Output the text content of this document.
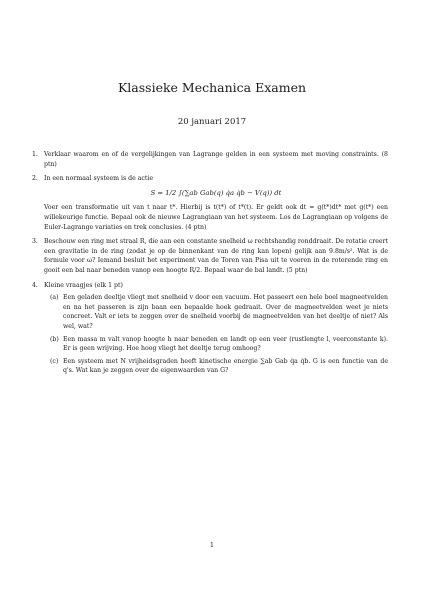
Klassieke Mechanica Examen
20 januari 2017
1. Verklaar waarom en of de vergelijkingen van Lagrange gelden in een systeem met moving constraints. (8 ptn)
2. In een normaal systeem is de actie
S = 1/2 ∫(∑ab Gab(q) q̇a q̇b − V(q)) dt
Voer een transformatie uit van t naar t*. Hierbij is t(t*) of t*(t). Er geldt ook dt = g(t*)dt* met g(t*) een willekeurige functie. Bepaal ook de nieuwe Lagrangiaan van het systeem. Los de Lagrangiaan op volgens de Euler-Lagrange variaties en trek conclusies. (4 ptn)
3. Beschouw een ring met straal R, die aan een constante snelheid ω rechtshandig ronddraait. De rotatie creert een gravitatie in de ring (zodat je op de binnenkant van de ring kan lopen) gelijk aan 9.8m/s². Wat is de formule voor ω? Iemand besluit het experiment van de Toren van Pisa uit te voeren in de roterende ring en gooit een bal naar beneden vanop een hoogte R/2. Bepaal waar de bal landt. (5 ptn)
4. Kleine vraagjes (elk 1 pt)
(a) Een geladen deeltje vliegt met snelheid v door een vacuum. Het passeert een hele boel magneetvelden en na het passeren is zijn baan een bepaalde hoek gedraait. Over de magneetvelden weet je niets concreet. Valt er iets te zeggen over de snelheid voorbij de magneetvelden van het deeltje of niet? Als wel, wat?
(b) Een massa m valt vanop hoogte h naar beneden en landt op een veer (rustlengte l, veerconstante k). Er is geen wrijving. Hoe hoog vliegt het deeltje terug omhoog?
(c) Een systeem met N vrijheidsgraden heeft kinetische energie ∑ab Gab q̇a q̇b. G is een functie van de q's. Wat kan je zeggen over de eigenwaarden van G?
1
